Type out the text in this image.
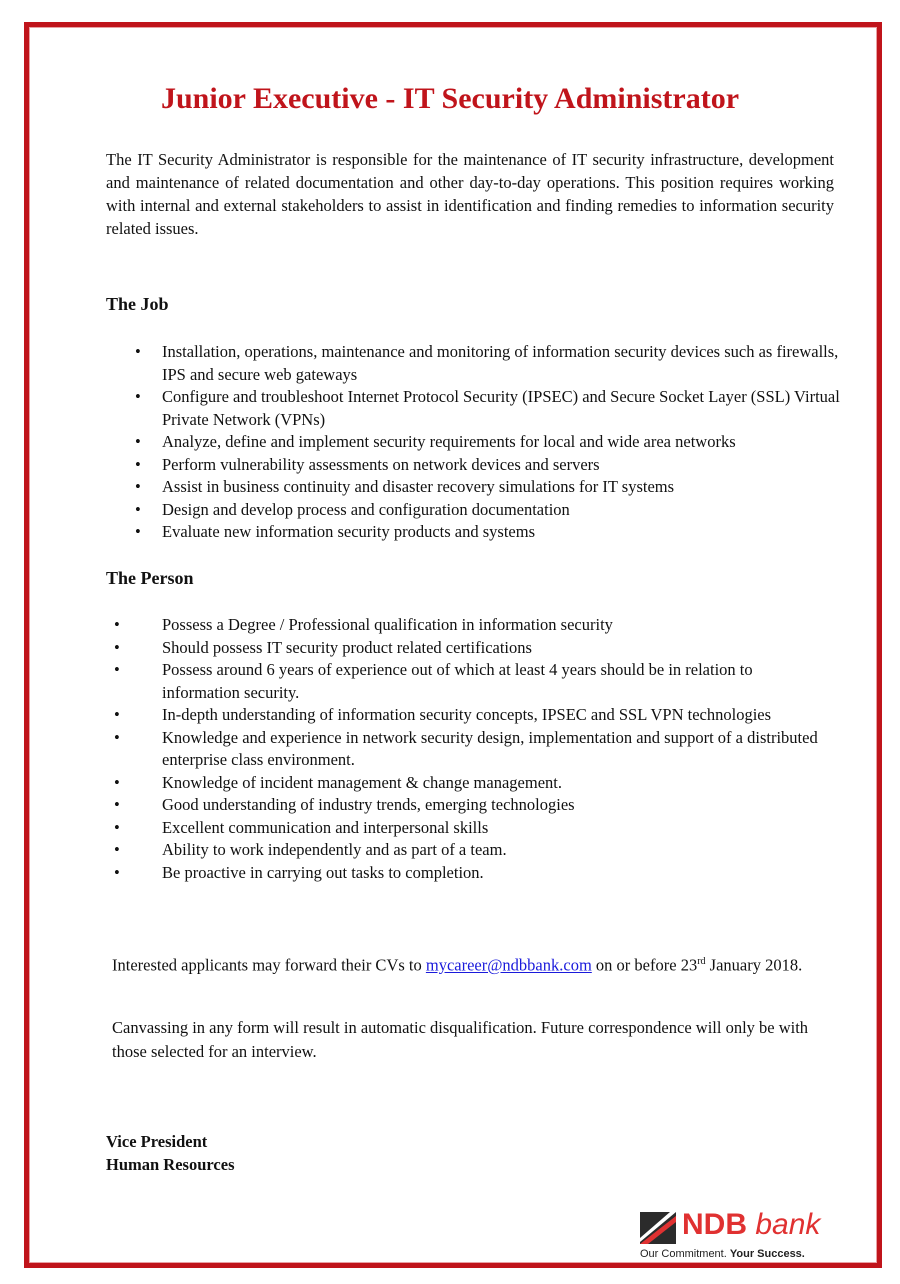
Junior Executive - IT Security Administrator

The IT Security Administrator is responsible for the maintenance of IT security infrastructure, development and maintenance of related documentation and other day-to-day operations. This position requires working with internal and external stakeholders to assist in identification and finding remedies to information security related issues.

The Job
• Installation, operations, maintenance and monitoring of information security devices such as firewalls, IPS and secure web gateways
• Configure and troubleshoot Internet Protocol Security (IPSEC) and Secure Socket Layer (SSL) Virtual Private Network (VPNs)
• Analyze, define and implement security requirements for local and wide area networks
• Perform vulnerability assessments on network devices and servers
• Assist in business continuity and disaster recovery simulations for IT systems
• Design and develop process and configuration documentation
• Evaluate new information security products and systems
The Person
• Possess a Degree / Professional qualification in information security
• Should possess IT security product related certifications
• Possess around 6 years of experience out of which at least 4 years should be in relation to information security.
• In-depth understanding of information security concepts, IPSEC and SSL VPN technologies
• Knowledge and experience in network security design, implementation and support of a distributed enterprise class environment.
• Knowledge of incident management & change management.
• Good understanding of industry trends, emerging technologies
• Excellent communication and interpersonal skills
• Ability to work independently and as part of a team.
• Be proactive in carrying out tasks to completion.

Interested applicants may forward their CVs to mycareer@ndbbank.com on or before 23rd January 2018.

Canvassing in any form will result in automatic disqualification. Future correspondence will only be with those selected for an interview.

Vice President
Human Resources
NDB bank
Our Commitment. Your Success.
